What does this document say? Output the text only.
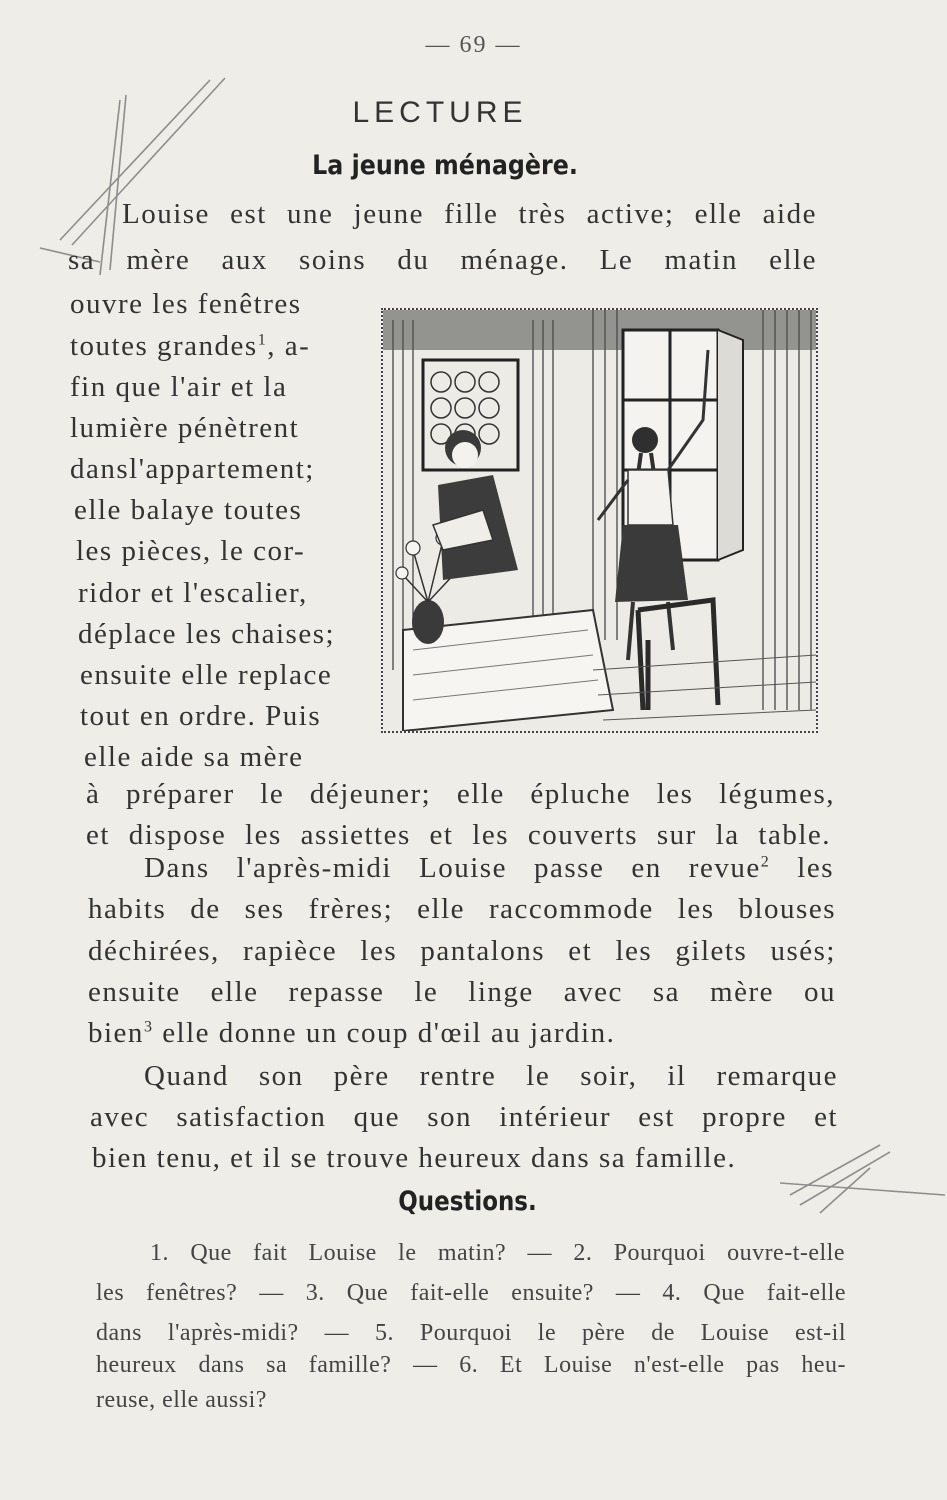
— 69 —
LECTURE
La jeune ménagère.
Louise est une jeune fille très active; elle aide
sa mère aux soins du ménage. Le matin elle
ouvre les fenêtres
toutes grandes$^1$, a-
fin que l'air et la
lumière pénètrent
dansl'appartement;
elle balaye toutes
les pièces, le cor-
ridor et l'escalier,
déplace les chaises;
ensuite elle replace
tout en ordre. Puis
elle aide sa mère
à préparer le déjeuner; elle épluche les légumes,
et dispose les assiettes et les couverts sur la table.
Dans l'après-midi Louise passe en revue$^2$ les
habits de ses frères; elle raccommode les blouses
déchirées, rapièce les pantalons et les gilets usés;
ensuite elle repasse le linge avec sa mère ou
bien$^3$ elle donne un coup d'œil au jardin.
Quand son père rentre le soir, il remarque
avec satisfaction que son intérieur est propre et
bien tenu, et il se trouve heureux dans sa famille.
Questions.
1. Que fait Louise le matin? — 2. Pourquoi ouvre-t-elle
les fenêtres? — 3. Que fait-elle ensuite? — 4. Que fait-elle
dans l'après-midi? — 5. Pourquoi le père de Louise est-il
heureux dans sa famille? — 6. Et Louise n'est-elle pas heu-
reuse, elle aussi?
